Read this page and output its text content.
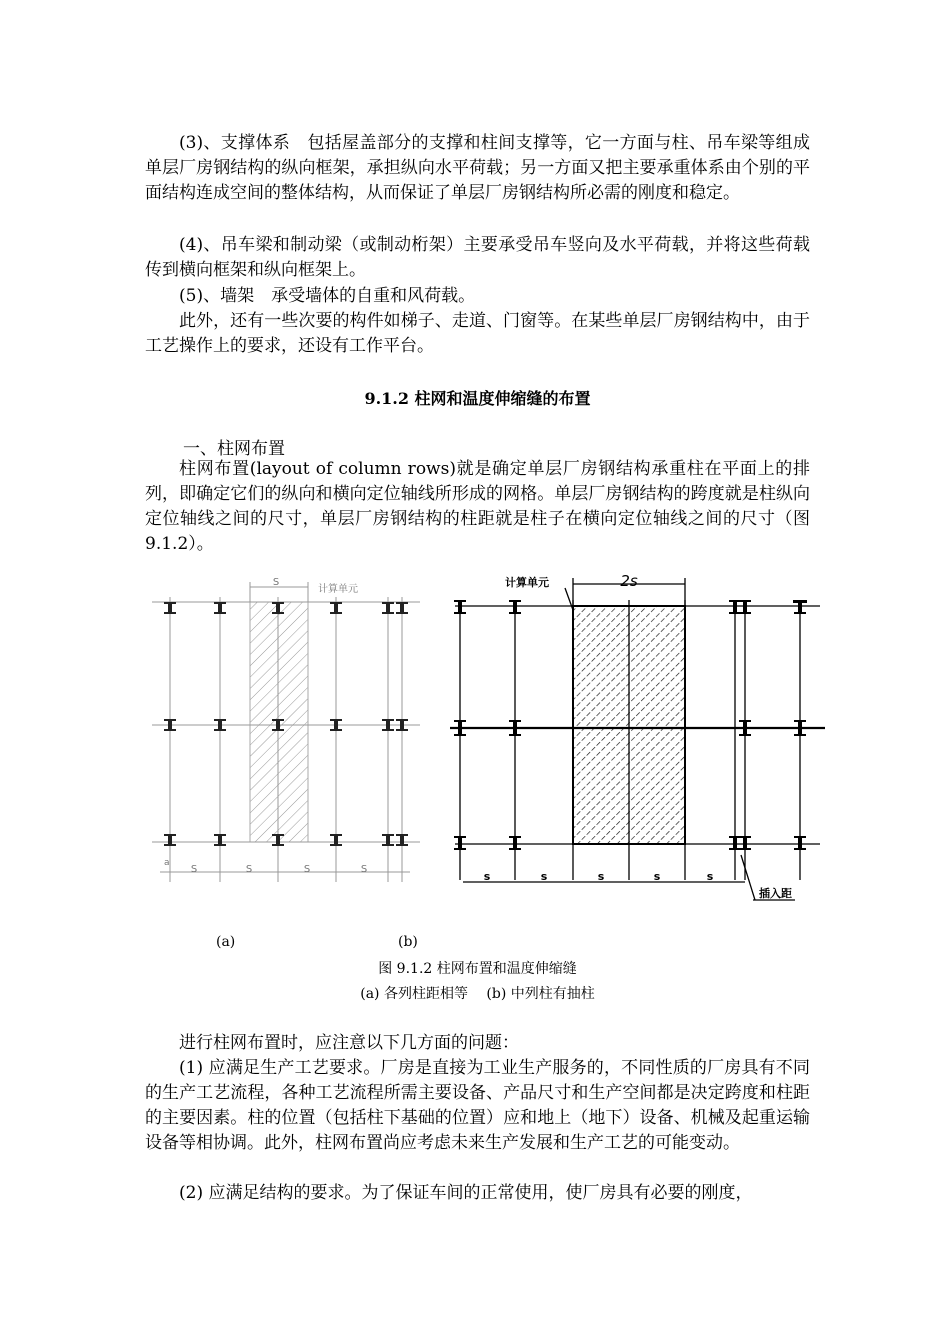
(3)、支撑体系　包括屋盖部分的支撑和柱间支撑等，它一方面与柱、吊车梁等组成单层厂房钢结构的纵向框架，承担纵向水平荷载；另一方面又把主要承重体系由个别的平面结构连成空间的整体结构，从而保证了单层厂房钢结构所必需的刚度和稳定。

(4)、吊车梁和制动梁（或制动桁架）主要承受吊车竖向及水平荷载，并将这些荷载传到横向框架和纵向框架上。

(5)、墙架　承受墙体的自重和风荷载。

此外，还有一些次要的构件如梯子、走道、门窗等。在某些单层厂房钢结构中，由于工艺操作上的要求，还设有工作平台。

9.1.2 柱网和温度伸缩缝的布置

一、柱网布置

柱网布置(layout of column rows)就是确定单层厂房钢结构承重柱在平面上的排列，即确定它们的纵向和横向定位轴线所形成的网格。单层厂房钢结构的跨度就是柱纵向定位轴线之间的尺寸，单层厂房钢结构的柱距就是柱子在横向定位轴线之间的尺寸（图9.1.2）。

S
计算单元
a
S	S	S	S
2s
计算单元
s	s	s	s	s
插入距
(a)	(b)
图 9.1.2 柱网布置和温度伸缩缝
(a) 各列柱距相等　 (b) 中列柱有抽柱

进行柱网布置时，应注意以下几方面的问题：

(1) 应满足生产工艺要求。厂房是直接为工业生产服务的，不同性质的厂房具有不同的生产工艺流程，各种工艺流程所需主要设备、产品尺寸和生产空间都是决定跨度和柱距的主要因素。柱的位置（包括柱下基础的位置）应和地上（地下）设备、机械及起重运输设备等相协调。此外，柱网布置尚应考虑未来生产发展和生产工艺的可能变动。

(2) 应满足结构的要求。为了保证车间的正常使用，使厂房具有必要的刚度，
